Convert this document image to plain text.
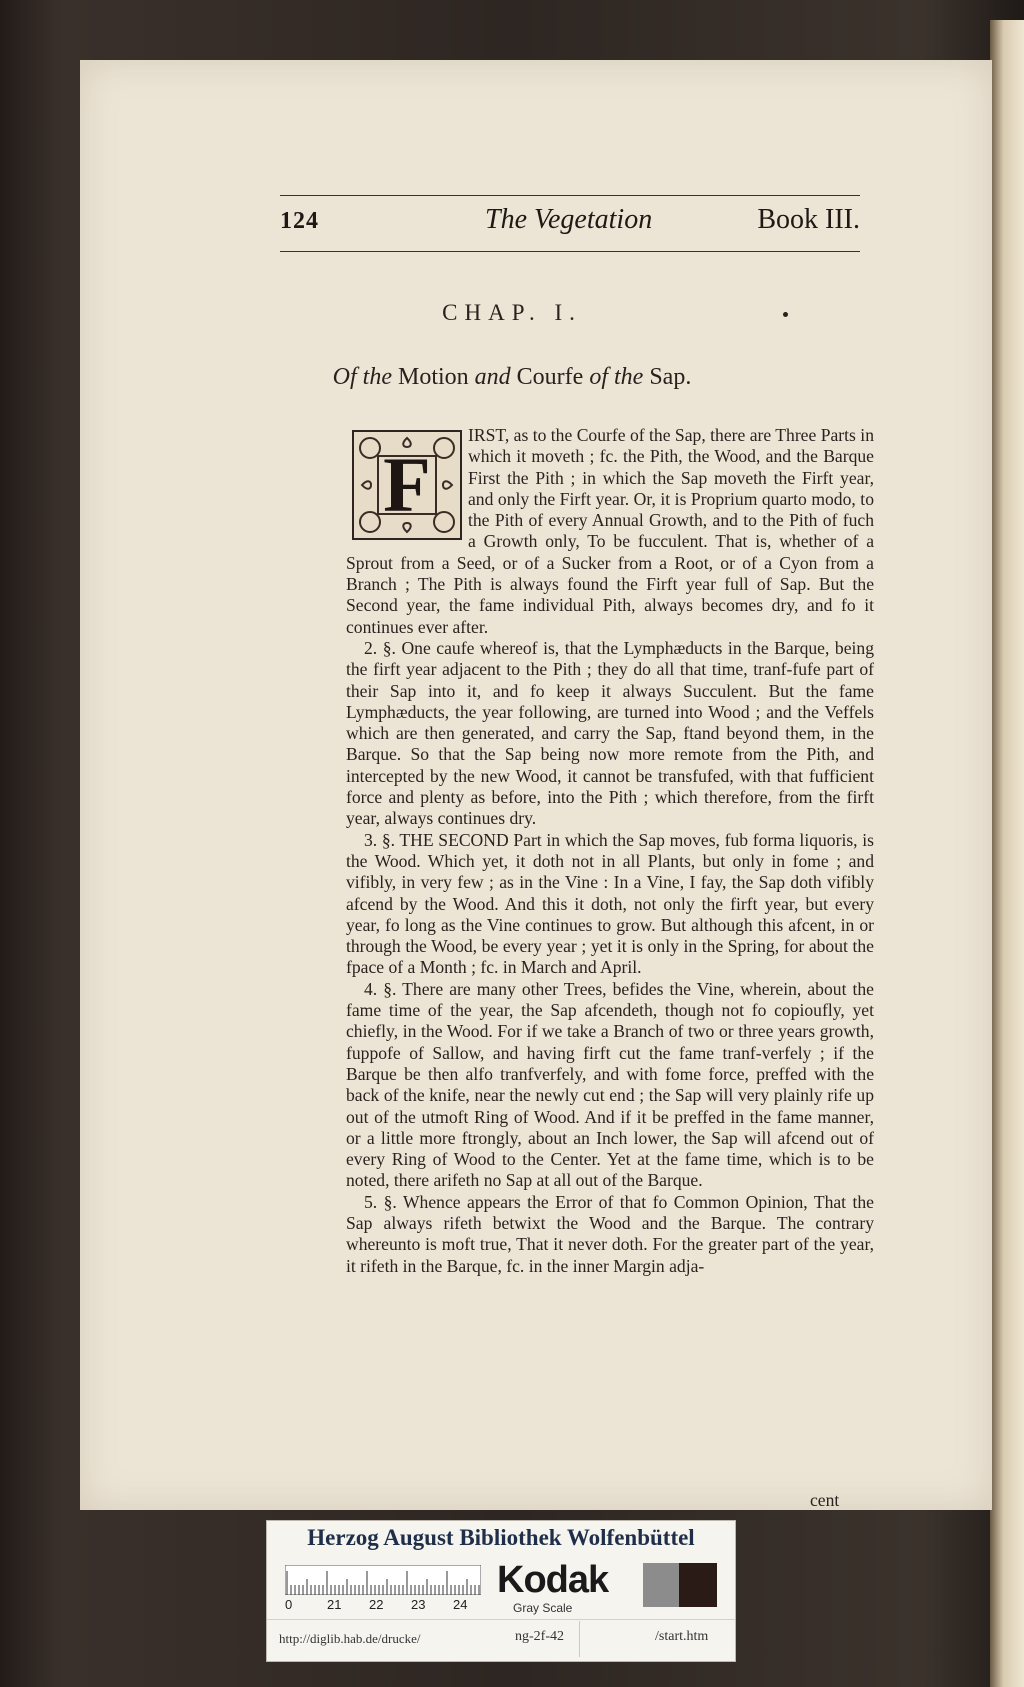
124	The Vegetation	Book III.
CHAP. I.
Of the Motion and Courfe of the Sap.
F

IRST, as to the Courfe of the Sap, there are Three Parts in which it moveth ; fc. the Pith, the Wood, and the Barque First the Pith ; in which the Sap moveth the Firft year, and only the Firft year. Or, it is Proprium quarto modo, to the Pith of every Annual Growth, and to the Pith of fuch a Growth only, To be fucculent. That is, whether of a Sprout from a Seed, or of a Sucker from a Root, or of a Cyon from a Branch ; The Pith is always found the Firft year full of Sap. But the Second year, the fame individual Pith, always becomes dry, and fo it continues ever after.

2. §. One caufe whereof is, that the Lymphæducts in the Barque, being the firft year adjacent to the Pith ; they do all that time, tranf-fufe part of their Sap into it, and fo keep it always Succulent. But the fame Lymphæducts, the year following, are turned into Wood ; and the Veffels which are then generated, and carry the Sap, ftand beyond them, in the Barque. So that the Sap being now more remote from the Pith, and intercepted by the new Wood, it cannot be transfufed, with that fufficient force and plenty as before, into the Pith ; which therefore, from the firft year, always continues dry.

3. §. THE SECOND Part in which the Sap moves, fub forma liquoris, is the Wood. Which yet, it doth not in all Plants, but only in fome ; and vifibly, in very few ; as in the Vine : In a Vine, I fay, the Sap doth vifibly afcend by the Wood. And this it doth, not only the firft year, but every year, fo long as the Vine continues to grow. But although this afcent, in or through the Wood, be every year ; yet it is only in the Spring, for about the fpace of a Month ; fc. in March and April.

4. §. There are many other Trees, befides the Vine, wherein, about the fame time of the year, the Sap afcendeth, though not fo copioufly, yet chiefly, in the Wood. For if we take a Branch of two or three years growth, fuppofe of Sallow, and having firft cut the fame tranf-verfely ; if the Barque be then alfo tranfverfely, and with fome force, preffed with the back of the knife, near the newly cut end ; the Sap will very plainly rife up out of the utmoft Ring of Wood. And if it be preffed in the fame manner, or a little more ftrongly, about an Inch lower, the Sap will afcend out of every Ring of Wood to the Center. Yet at the fame time, which is to be noted, there arifeth no Sap at all out of the Barque.

5. §. Whence appears the Error of that fo Common Opinion, That the Sap always rifeth betwixt the Wood and the Barque. The contrary whereunto is moft true, That it never doth. For the greater part of the year, it rifeth in the Barque, fc. in the inner Margin adja-

cent
Herzog August Bibliothek Wolfenbüttel
0	21 22 23 24
Kodak
Gray Scale
http://diglib.hab.de/drucke/	ng-2f-42	/start.htm
